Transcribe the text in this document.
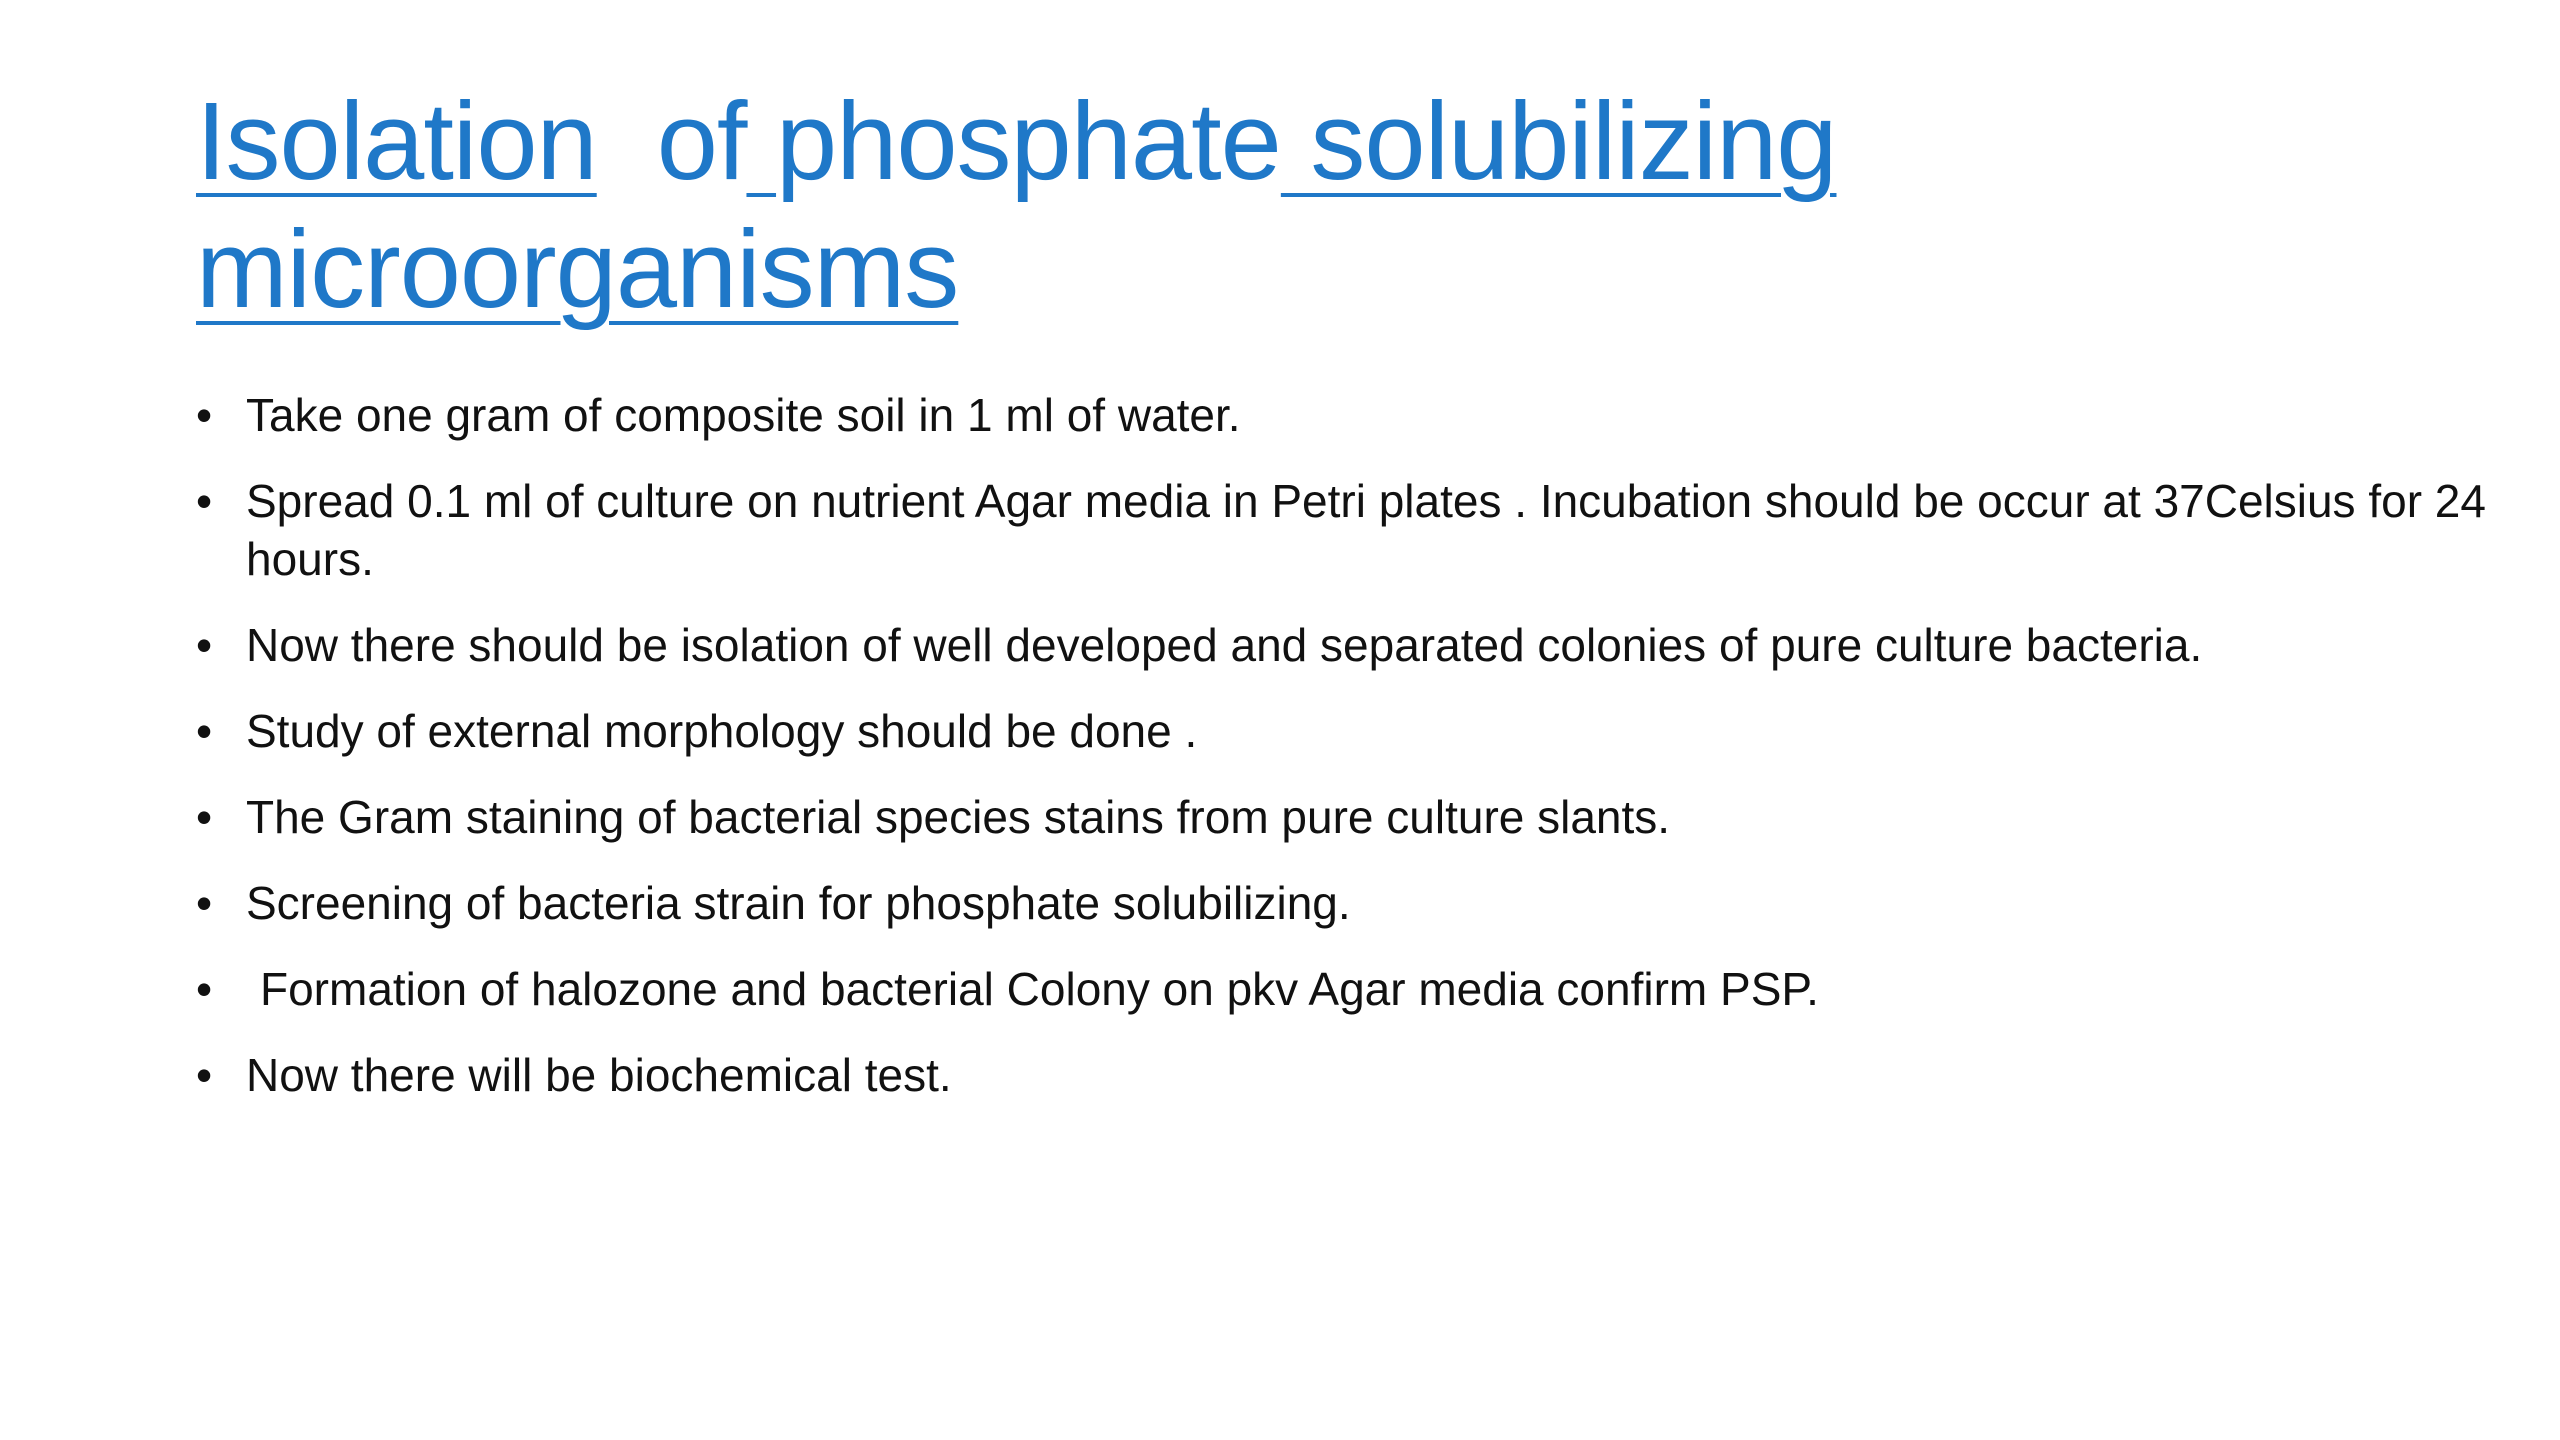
Isolation of phosphate solubilizing
microorganisms
• Take one gram of composite soil in 1 ml of water.
• Spread 0.1 ml of culture on nutrient Agar media in Petri plates . Incubation should be occur at 37Celsius for 24 hours.
• Now there should be isolation of well developed and separated colonies of pure culture bacteria.
• Study of external morphology should be done .
• The Gram staining of bacterial species stains from pure culture slants.
• Screening of bacteria strain for phosphate solubilizing.
• Formation of halozone and bacterial Colony on pkv Agar media confirm PSP.
• Now there will be biochemical test.
